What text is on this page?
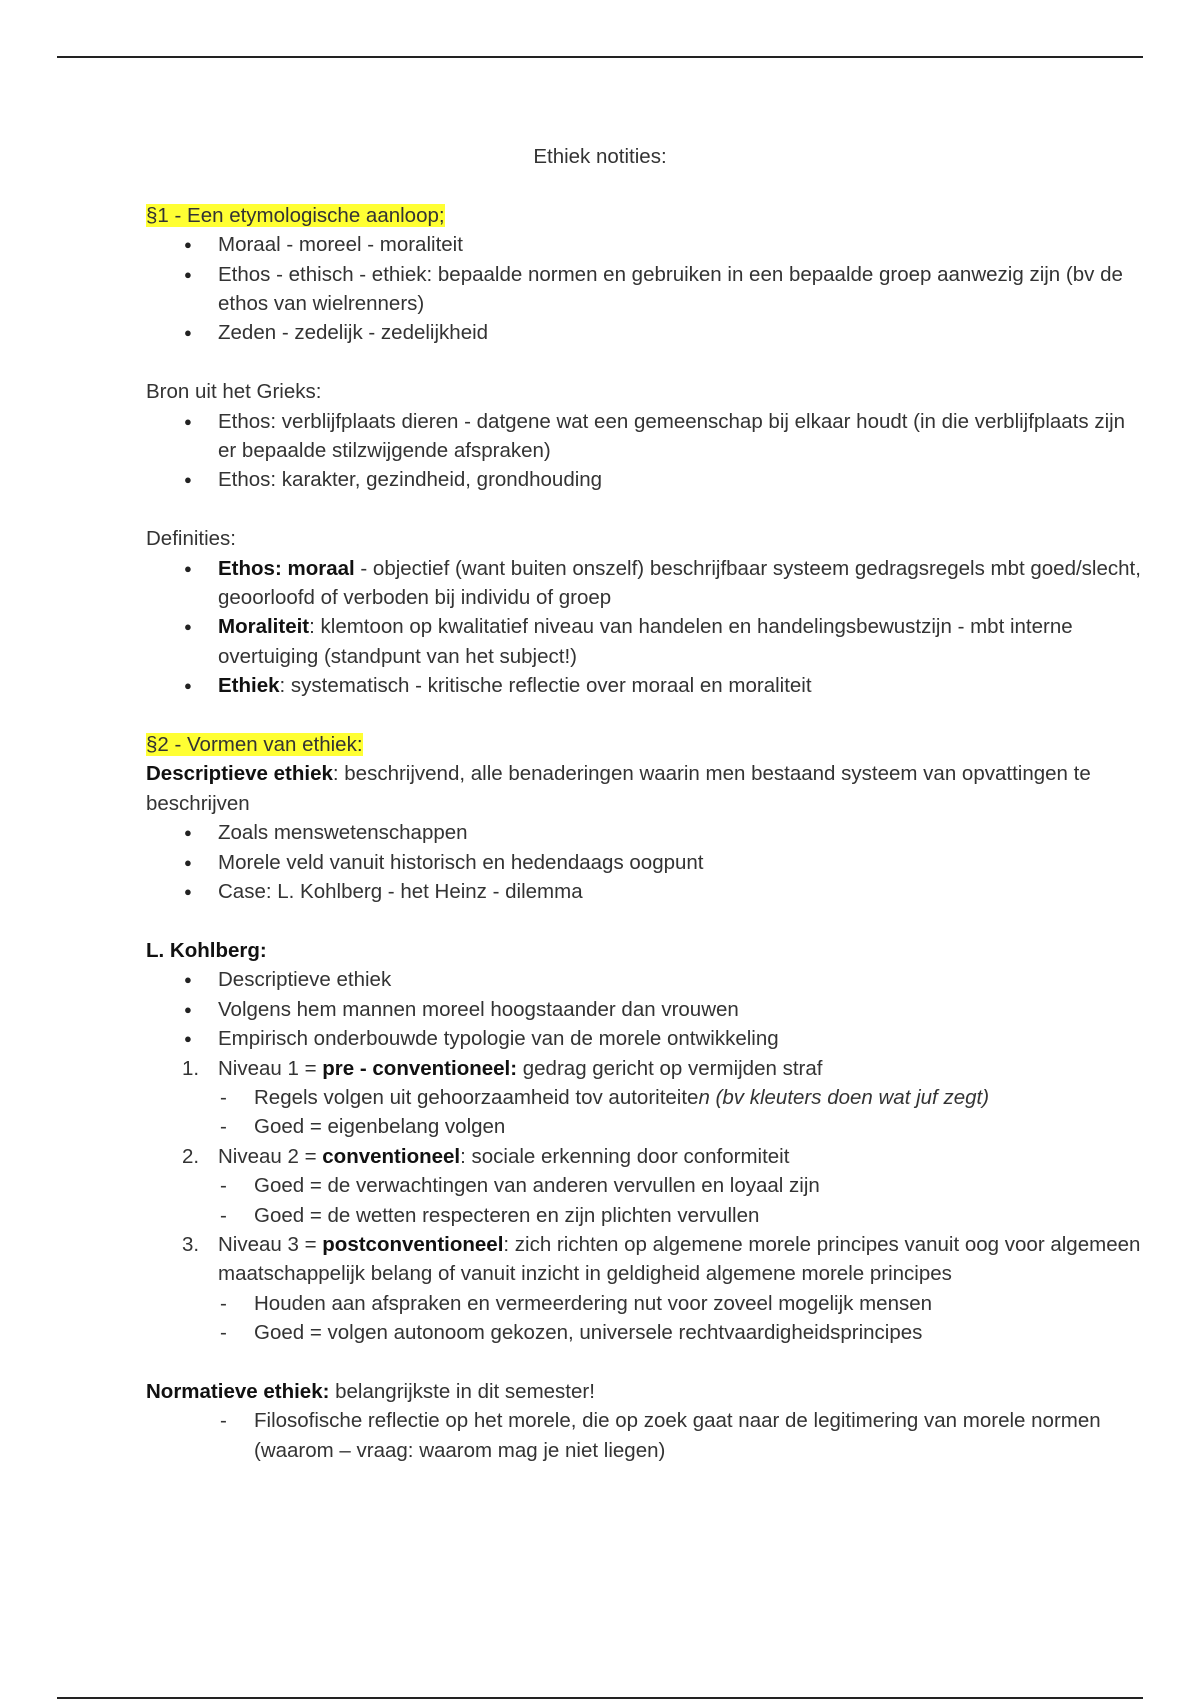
Ethiek notities:

§1 - Een etymologische aanloop;

● Moraal - moreel - moraliteit
● Ethos - ethisch - ethiek: bepaalde normen en gebruiken in een bepaalde groep aanwezig zijn (bv de ethos van wielrenners)
● Zeden - zedelijk - zedelijkheid

Bron uit het Grieks:

● Ethos: verblijfplaats dieren - datgene wat een gemeenschap bij elkaar houdt (in die verblijfplaats zijn er bepaalde stilzwijgende afspraken)
● Ethos: karakter, gezindheid, grondhouding

Definities:

● Ethos: moraal - objectief (want buiten onszelf) beschrijfbaar systeem gedragsregels mbt goed/slecht, geoorloofd of verboden bij individu of groep
● Moraliteit: klemtoon op kwalitatief niveau van handelen en handelingsbewustzijn - mbt interne overtuiging (standpunt van het subject!)
● Ethiek: systematisch - kritische reflectie over moraal en moraliteit

§2 - Vormen van ethiek:

Descriptieve ethiek: beschrijvend, alle benaderingen waarin men bestaand systeem van opvattingen te beschrijven

● Zoals menswetenschappen
● Morele veld vanuit historisch en hedendaags oogpunt
● Case: L. Kohlberg - het Heinz - dilemma

L. Kohlberg:

● Descriptieve ethiek
● Volgens hem mannen moreel hoogstaander dan vrouwen
● Empirisch onderbouwde typologie van de morele ontwikkeling
1. Niveau 1 = pre - conventioneel: gedrag gericht op vermijden straf
- Regels volgen uit gehoorzaamheid tov autoriteiten (bv kleuters doen wat juf zegt)
- Goed = eigenbelang volgen
2. Niveau 2 = conventioneel: sociale erkenning door conformiteit
- Goed = de verwachtingen van anderen vervullen en loyaal zijn
- Goed = de wetten respecteren en zijn plichten vervullen
3. Niveau 3 = postconventioneel: zich richten op algemene morele principes vanuit oog voor algemeen maatschappelijk belang of vanuit inzicht in geldigheid algemene morele principes
- Houden aan afspraken en vermeerdering nut voor zoveel mogelijk mensen
- Goed = volgen autonoom gekozen, universele rechtvaardigheidsprincipes

Normatieve ethiek: belangrijkste in dit semester!

- Filosofische reflectie op het morele, die op zoek gaat naar de legitimering van morele normen (waarom – vraag: waarom mag je niet liegen)
